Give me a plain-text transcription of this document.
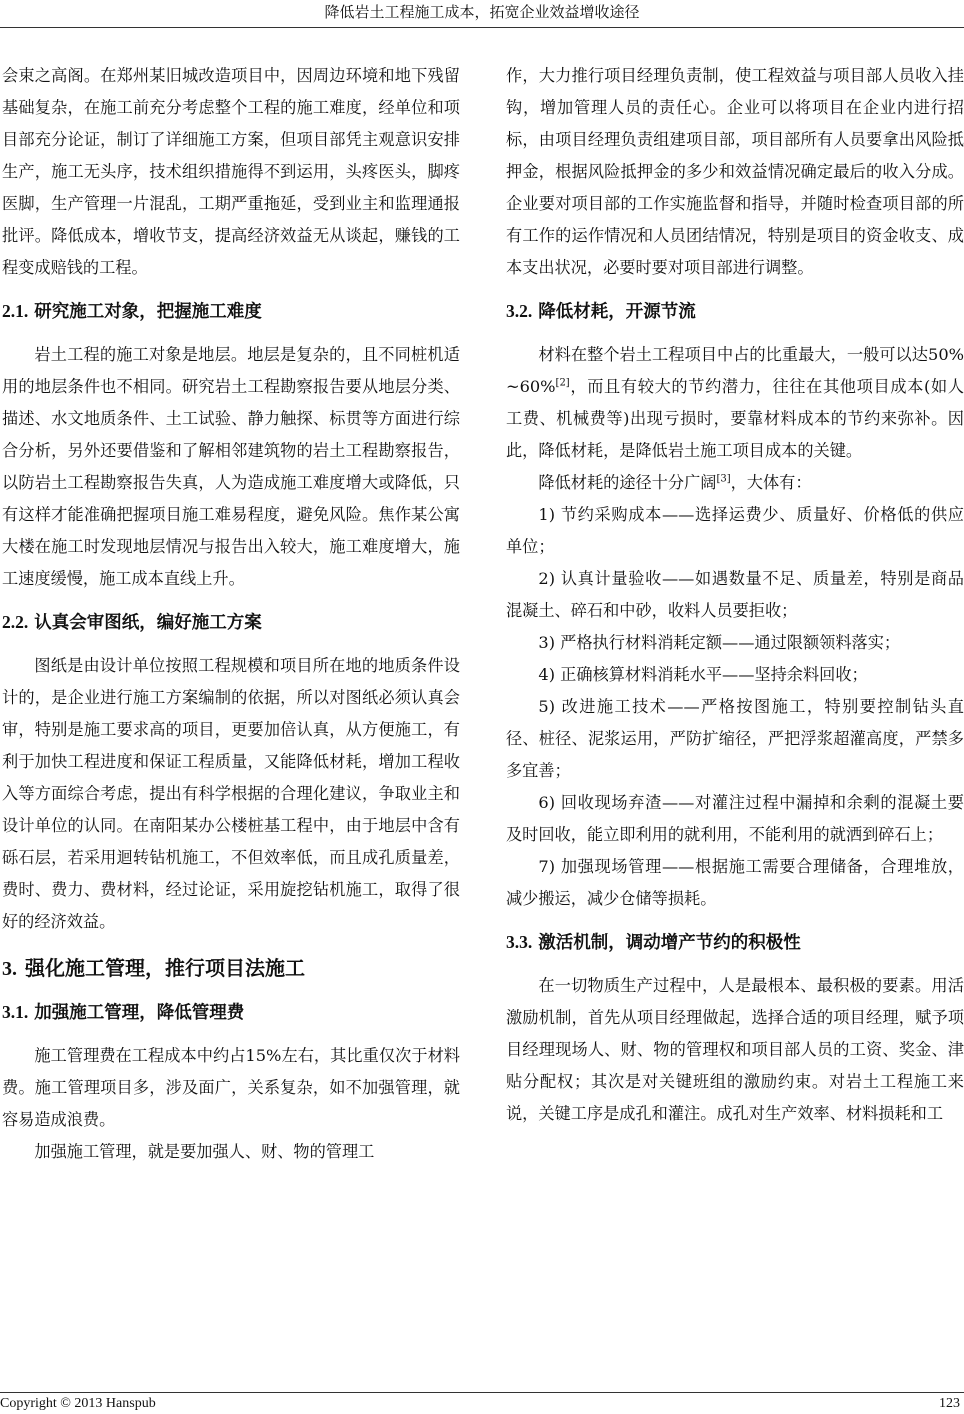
降低岩土工程施工成本，拓宽企业效益增收途径

会束之高阁。在郑州某旧城改造项目中，因周边环境和地下残留基础复杂，在施工前充分考虑整个工程的施工难度，经单位和项目部充分论证，制订了详细施工方案，但项目部凭主观意识安排生产，施工无头序，技术组织措施得不到运用，头疼医头，脚疼医脚，生产管理一片混乱，工期严重拖延，受到业主和监理通报批评。降低成本，增收节支，提高经济效益无从谈起，赚钱的工程变成赔钱的工程。

2.1. 研究施工对象，把握施工难度

岩土工程的施工对象是地层。地层是复杂的，且不同桩机适用的地层条件也不相同。研究岩土工程勘察报告要从地层分类、描述、水文地质条件、土工试验、静力触探、标贯等方面进行综合分析，另外还要借鉴和了解相邻建筑物的岩土工程勘察报告，以防岩土工程勘察报告失真，人为造成施工难度增大或降低，只有这样才能准确把握项目施工难易程度，避免风险。焦作某公寓大楼在施工时发现地层情况与报告出入较大，施工难度增大，施工速度缓慢，施工成本直线上升。

2.2. 认真会审图纸，编好施工方案

图纸是由设计单位按照工程规模和项目所在地的地质条件设计的，是企业进行施工方案编制的依据，所以对图纸必须认真会审，特别是施工要求高的项目，更要加倍认真，从方便施工，有利于加快工程进度和保证工程质量，又能降低材耗，增加工程收入等方面综合考虑，提出有科学根据的合理化建议，争取业主和设计单位的认同。在南阳某办公楼桩基工程中，由于地层中含有砾石层，若采用迴转钻机施工，不但效率低，而且成孔质量差，费时、费力、费材料，经过论证，采用旋挖钻机施工，取得了很好的经济效益。

3. 强化施工管理，推行项目法施工
3.1. 加强施工管理，降低管理费

施工管理费在工程成本中约占15%左右，其比重仅次于材料费。施工管理项目多，涉及面广，关系复杂，如不加强管理，就容易造成浪费。

加强施工管理，就是要加强人、财、物的管理工

作，大力推行项目经理负责制，使工程效益与项目部人员收入挂钩，增加管理人员的责任心。企业可以将项目在企业内进行招标，由项目经理负责组建项目部，项目部所有人员要拿出风险抵押金，根据风险抵押金的多少和效益情况确定最后的收入分成。企业要对项目部的工作实施监督和指导，并随时检查项目部的所有工作的运作情况和人员团结情况，特别是项目的资金收支、成本支出状况，必要时要对项目部进行调整。

3.2. 降低材耗，开源节流

材料在整个岩土工程项目中占的比重最大，一般可以达50%~60%[2]，而且有较大的节约潜力，往往在其他项目成本(如人工费、机械费等)出现亏损时，要靠材料成本的节约来弥补。因此，降低材耗，是降低岩土施工项目成本的关键。

降低材耗的途径十分广阔[3]，大体有：

1) 节约采购成本——选择运费少、质量好、价格低的供应单位；

2) 认真计量验收——如遇数量不足、质量差，特别是商品混凝土、碎石和中砂，收料人员要拒收；

3) 严格执行材料消耗定额——通过限额领料落实；

4) 正确核算材料消耗水平——坚持余料回收；

5) 改进施工技术——严格按图施工，特别要控制钻头直径、桩径、泥浆运用，严防扩缩径，严把浮浆超灌高度，严禁多多宜善；

6) 回收现场弃渣——对灌注过程中漏掉和余剩的混凝土要及时回收，能立即利用的就利用，不能利用的就洒到碎石上；

7) 加强现场管理——根据施工需要合理储备，合理堆放，减少搬运，减少仓储等损耗。

3.3. 激活机制，调动增产节约的积极性

在一切物质生产过程中，人是最根本、最积极的要素。用活激励机制，首先从项目经理做起，选择合适的项目经理，赋予项目经理现场人、财、物的管理权和项目部人员的工资、奖金、津贴分配权；其次是对关键班组的激励约束。对岩土工程施工来说，关键工序是成孔和灌注。成孔对生产效率、材料损耗和工

Copyright © 2013 Hanspub	123
